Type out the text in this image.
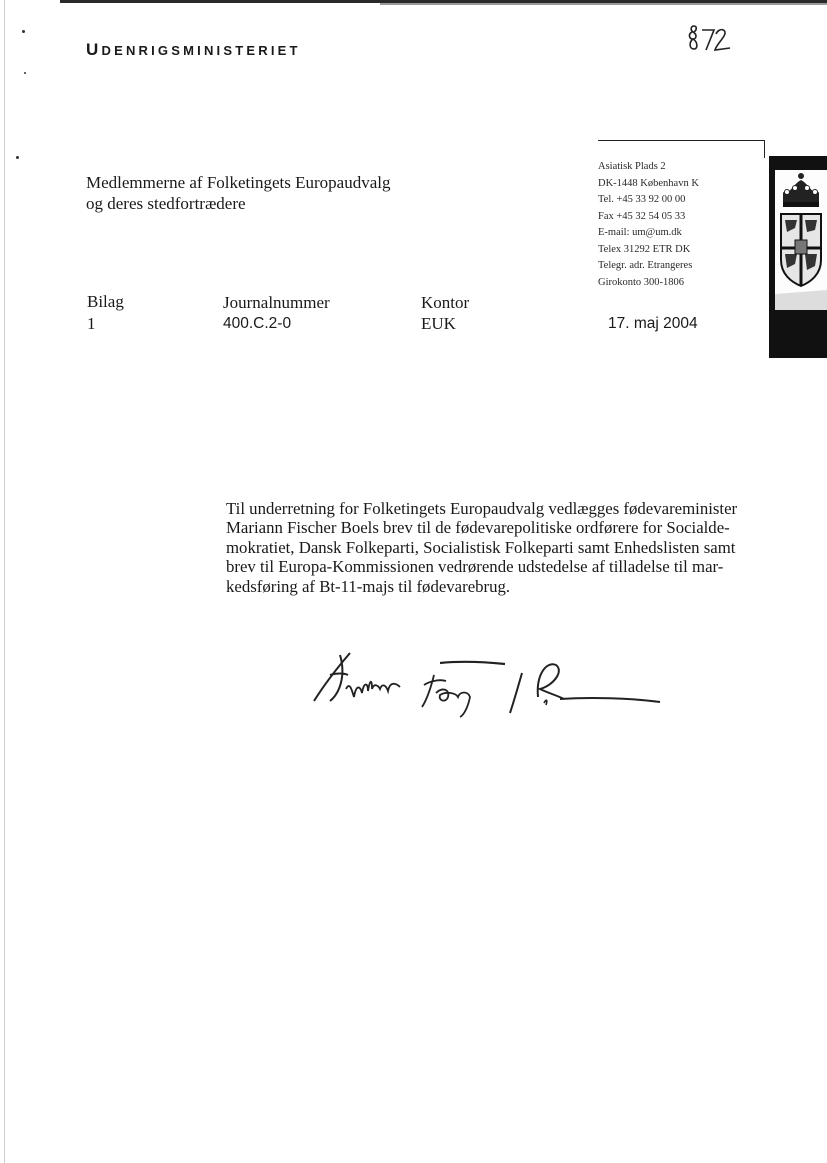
UDENRIGSMINISTERIET
Medlemmerne af Folketingets Europaudvalg
og deres stedfortrædere
Asiatisk Plads 2
DK-1448 København K
Tel. +45 33 92 00 00
Fax +45 32 54 05 33
E-mail: um@um.dk
Telex 31292 ETR DK
Telegr. adr. Etrangeres
Girokonto 300-1806
Bilag
1
Journalnummer
400.C.2-0
Kontor
EUK	17. maj 2004
Til underretning for Folketingets Europaudvalg vedlægges fødevareminister
Mariann Fischer Boels brev til de fødevarepolitiske ordførere for Socialde-
mokratiet, Dansk Folkeparti, Socialistisk Folkeparti samt Enhedslisten samt
brev til Europa-Kommissionen vedrørende udstedelse af tilladelse til mar-
kedsføring af Bt-11-majs til fødevarebrug.
